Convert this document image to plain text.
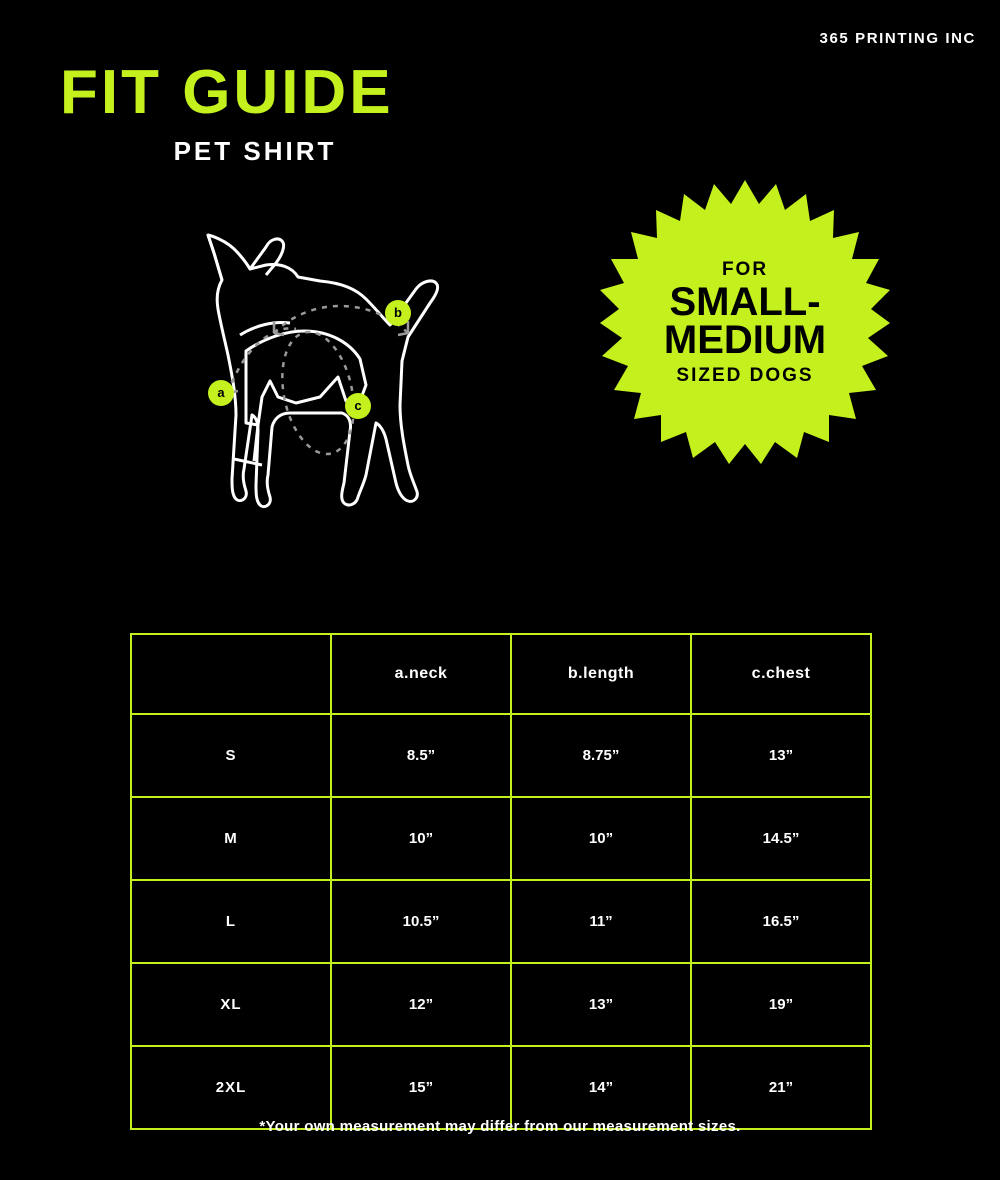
365 PRINTING INC
FIT GUIDE
PET SHIRT
a
b
c
FOR
SMALL-
MEDIUM
SIZED DOGS
	a.neck	b.length	c.chest
S	8.5”	8.75”	13”
M	10”	10”	14.5”
L	10.5”	11”	16.5”
XL	12”	13”	19”
2XL	15”	14”	21”
*Your own measurement may differ from our measurement sizes.
